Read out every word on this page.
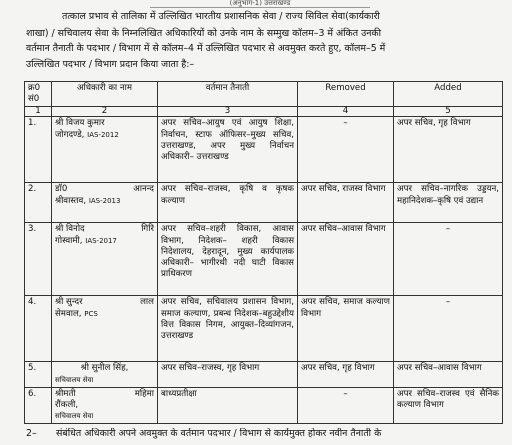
(अनुभाग-1) उत्तराखण्ड
तत्काल प्रभाव से तालिका में उल्लिखित भारतीय प्रशासनिक सेवा / राज्य सिविल सेवा(कार्यकारी
शाखा) / सचिवालय सेवा के निम्नलिखित अधिकारियों को उनके नाम के सम्मुख कॉलम–3 में अंकित उनकी
वर्तमान तैनाती के पदभार / विभाग में से कॉलम–4 में उल्लिखित पदभार से अवमुक्त करते हुए, कॉलम–5 में
उल्लिखित पदभार / विभाग प्रदान किया जाता है:–
क्र0 सं0	अधिकारी का नाम	वर्तमान तैनाती	Removed	Added
1	2	3	4	5
1.	श्री विजय कुमार
जोगदण्डे, IAS-2012	अपर सचिव–आयुष एवं आयुष शिक्षा, निर्वाचन, स्टाफ ऑफिसर–मुख्य सचिव, उत्तराखण्ड, अपर मुख्य निर्वाचन अधिकारी– उत्तराखण्ड	–	अपर सचिव, गृह विभाग
2.	डॉ0 आनन्द
श्रीवास्तव, IAS-2013	अपर सचिव–राजस्व, कृषि व कृषक कल्याण	अपर सचिव, राजस्व विभाग	अपर सचिव–नागरिक उड्डयन, महानिदेशक–कृषि एवं उद्यान
3.	श्री विनोद गिरि
गोस्वामी, IAS-2017	अपर सचिव–शहरी विकास, आवास विभाग, निदेशक– शहरी विकास निदेशालय, देहरादून, मुख्य कार्यपालक अधिकारी– भागीरथी नदी घाटी विकास प्राधिकरण	अपर सचिव–आवास विभाग	–
4.	श्री सुन्दर लाल
सेमवाल, PCS	अपर सचिव, सचिवालय प्रशासन विभाग, समाज कल्याण, प्रबन्ध निदेशक–बहुउद्देशीय वित्त विकास निगम, आयुक्त–दिव्यांगजन, उत्तराखण्ड	अपर सचिव, समाज कल्याण विभाग	–
5.	श्री सुनील सिंह,
सचिवालय सेवा	अपर सचिव–राजस्व, गृह विभाग	अपर सचिव, गृह विभाग	अपर सचिव–आवास विभाग
6.	श्रीमती महिमा
रौंकली,
सचिवालय सेवा	बाध्यप्रतीक्षा	–	अपर सचिव–राजस्व एवं सैनिक कल्याण विभाग
2– संबंधित अधिकारी अपने अवमुक्त के वर्तमान पदभार / विभाग से कार्यमुक्त होकर नवीन तैनाती के
